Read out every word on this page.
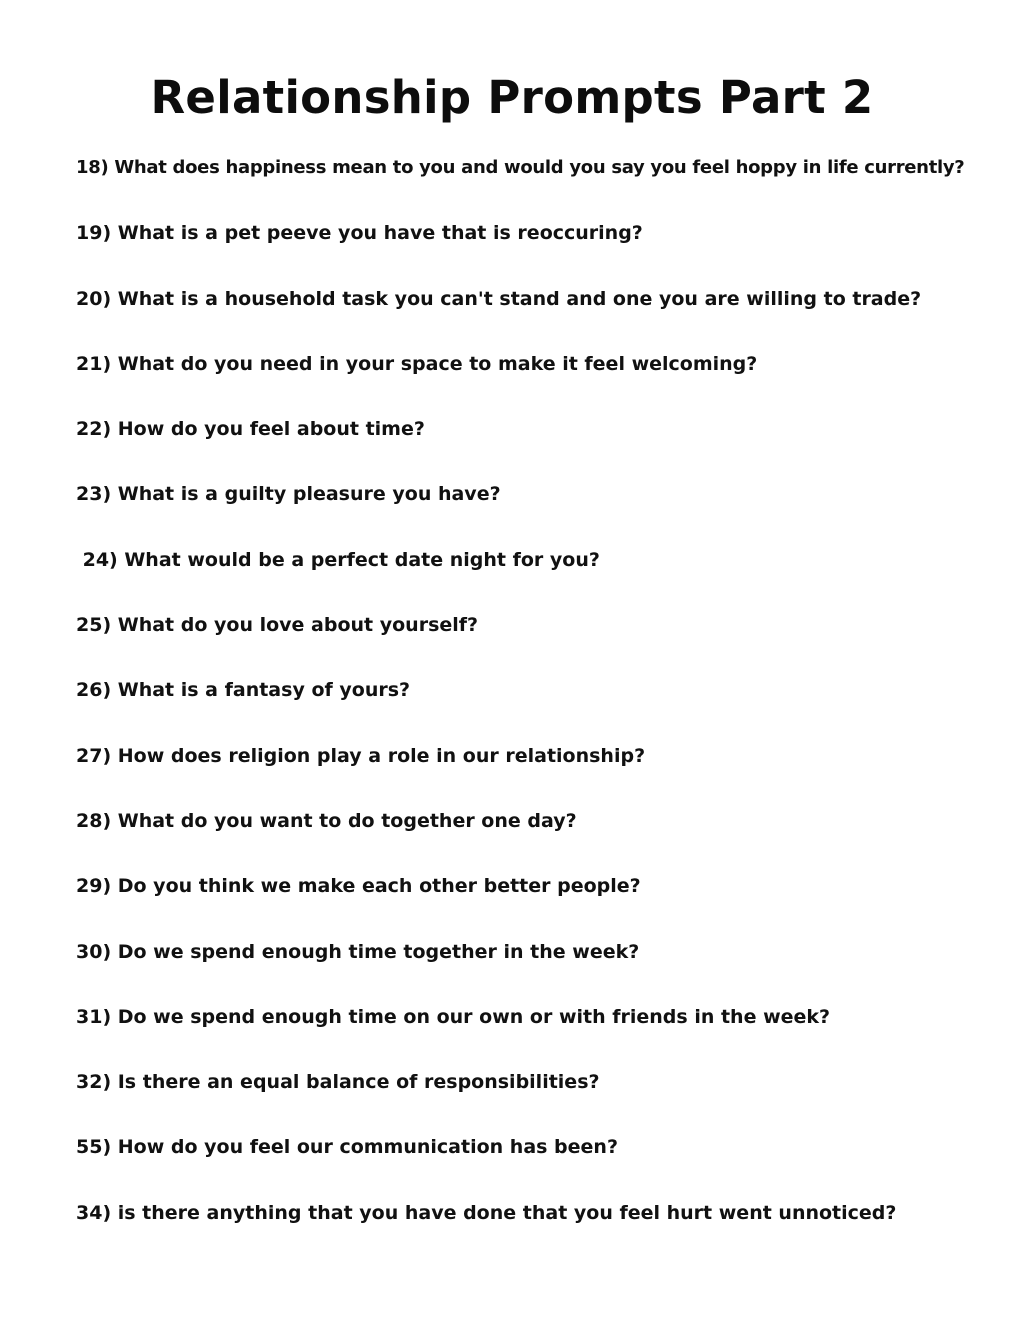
Relationship Prompts Part 2
18) What does happiness mean to you and would you say you feel hoppy in life currently?
19) What is a pet peeve you have that is reoccuring?
20) What is a household task you can't stand and one you are willing to trade?
21) What do you need in your space to make it feel welcoming?
22) How do you feel about time?
23) What is a guilty pleasure you have?
24) What would be a perfect date night for you?
25) What do you love about yourself?
26) What is a fantasy of yours?
27) How does religion play a role in our relationship?
28) What do you want to do together one day?
29) Do you think we make each other better people?
30) Do we spend enough time together in the week?
31) Do we spend enough time on our own or with friends in the week?
32) Is there an equal balance of responsibilities?
55) How do you feel our communication has been?
34) is there anything that you have done that you feel hurt went unnoticed?
